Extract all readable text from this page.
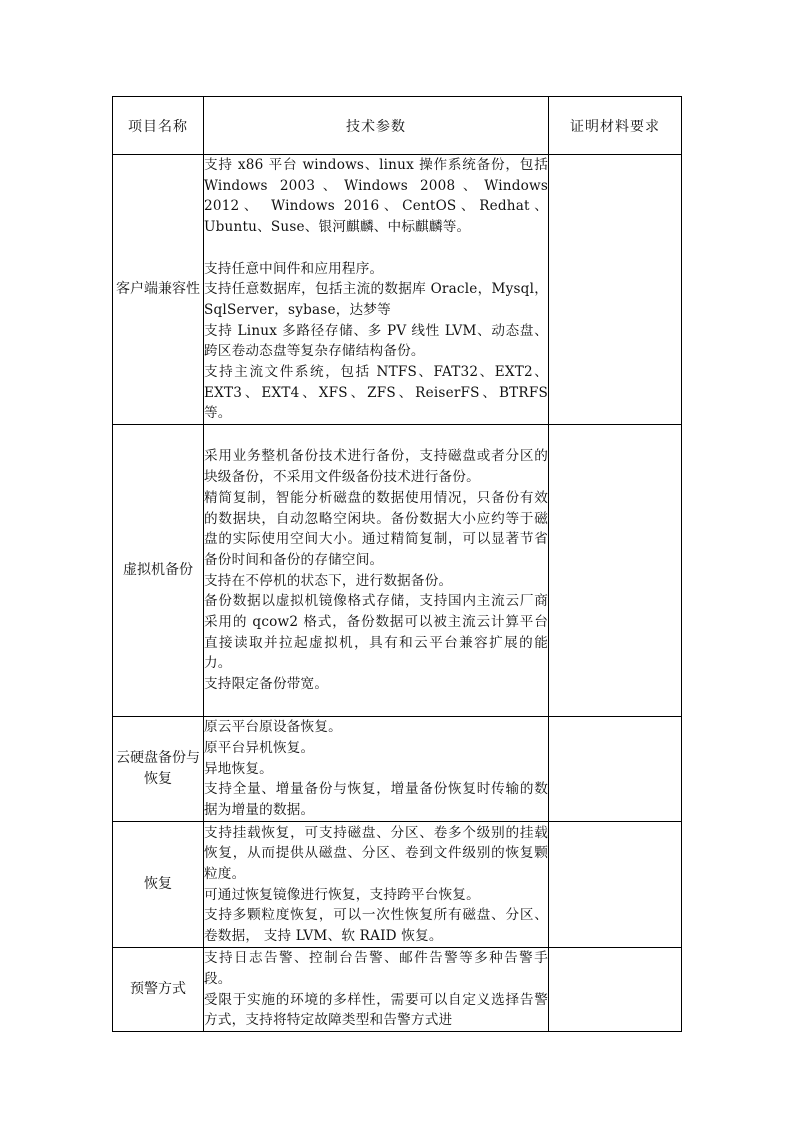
项目名称	技术参数	证明材料要求
客户端兼容性	支持 x86 平台 windows、linux 操作系统备份，包括 Windows 2003、Windows 2008、Windows 2012、 Windows 2016、CentOS、Redhat、Ubuntu、Suse、银河麒麟、中标麒麟等。

支持任意中间件和应用程序。

支持任意数据库，包括主流的数据库 Oracle，Mysql，SqlServer，sybase，达梦等

支持 Linux 多路径存储、多 PV 线性 LVM、动态盘、跨区卷动态盘等复杂存储结构备份。

支持主流文件系统，包括 NTFS、FAT32、EXT2、EXT3、EXT4、XFS、ZFS、ReiserFS、BTRFS 等。	

虚拟机备份	采用业务整机备份技术进行备份，支持磁盘或者分区的块级备份，不采用文件级备份技术进行备份。

精简复制，智能分析磁盘的数据使用情况，只备份有效的数据块，自动忽略空闲块。备份数据大小应约等于磁盘的实际使用空间大小。通过精简复制，可以显著节省备份时间和备份的存储空间。

支持在不停机的状态下，进行数据备份。

备份数据以虚拟机镜像格式存储，支持国内主流云厂商采用的 qcow2 格式，备份数据可以被主流云计算平台直接读取并拉起虚拟机，具有和云平台兼容扩展的能力。

支持限定备份带宽。	

云硬盘备份与恢复	原云平台原设备恢复。

原平台异机恢复。

异地恢复。

支持全量、增量备份与恢复，增量备份恢复时传输的数据为增量的数据。	

恢复	支持挂载恢复，可支持磁盘、分区、卷多个级别的挂载恢复，从而提供从磁盘、分区、卷到文件级别的恢复颗粒度。

可通过恢复镜像进行恢复，支持跨平台恢复。

支持多颗粒度恢复，可以一次性恢复所有磁盘、分区、卷数据， 支持 LVM、软 RAID 恢复。	

预警方式	支持日志告警、控制台告警、邮件告警等多种告警手段。

受限于实施的环境的多样性，需要可以自定义选择告警方式，支持将特定故障类型和告警方式进	
